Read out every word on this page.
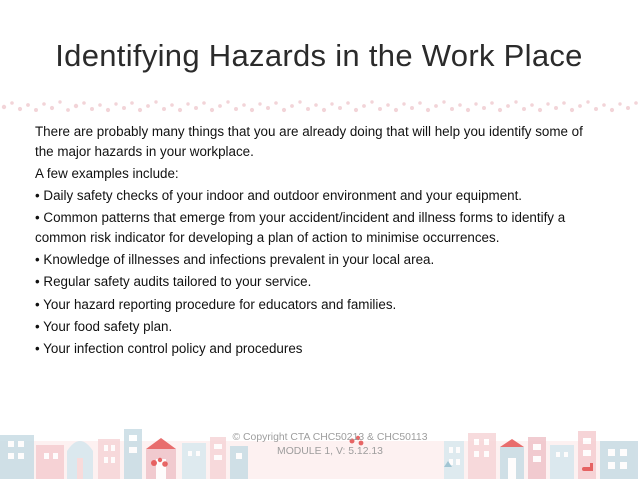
Identifying Hazards in the Work Place

There are probably many things that you are already doing that will help you identify some of the major hazards in your workplace.

A few examples include:

• Daily safety checks of your indoor and outdoor environment and your equipment.

• Common patterns that emerge from your accident/incident and illness forms to identify a common risk indicator for developing a plan of action to minimise occurrences.

• Knowledge of illnesses and infections prevalent in your local area.

• Regular safety audits tailored to your service.

• Your hazard reporting procedure for educators and families.

• Your food safety plan.

• Your infection control policy and procedures

© Copyright CTA CHC50213 & CHC50113 MODULE 1, V: 5.12.13
